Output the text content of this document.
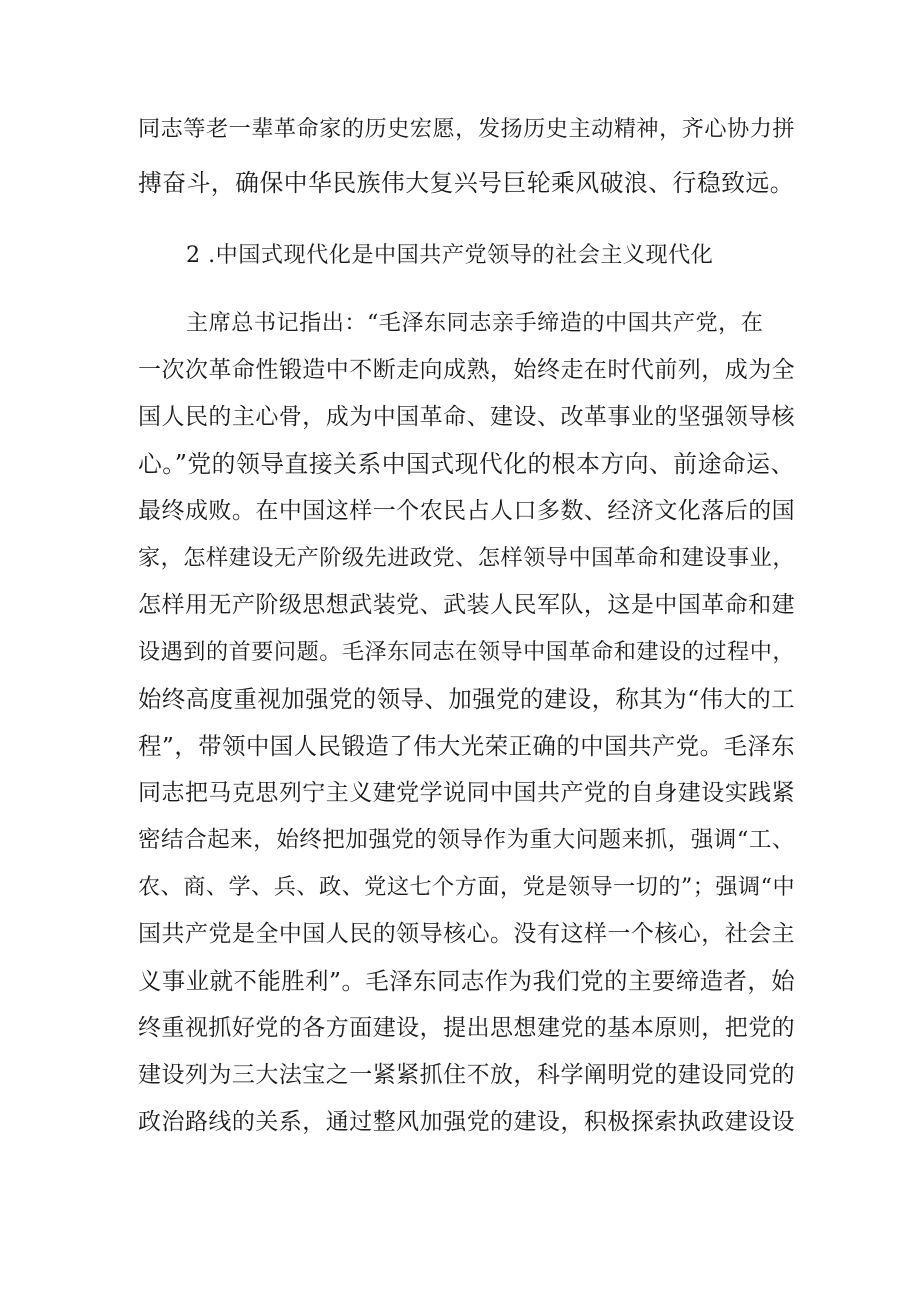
同志等老一辈革命家的历史宏愿，发扬历史主动精神，齐心协力拼

搏奋斗，确保中华民族伟大复兴号巨轮乘风破浪、行稳致远。

2 .中国式现代化是中国共产党领导的社会主义现代化

主席总书记指出：“毛泽东同志亲手缔造的中国共产党，在

一次次革命性锻造中不断走向成熟，始终走在时代前列，成为全

国人民的主心骨，成为中国革命、建设、改革事业的坚强领导核

心。”党的领导直接关系中国式现代化的根本方向、前途命运、

最终成败。在中国这样一个农民占人口多数、经济文化落后的国

家，怎样建设无产阶级先进政党、怎样领导中国革命和建设事业，

怎样用无产阶级思想武装党、武装人民军队，这是中国革命和建

设遇到的首要问题。毛泽东同志在领导中国革命和建设的过程中，

始终高度重视加强党的领导、加强党的建设，称其为“伟大的工

程”，带领中国人民锻造了伟大光荣正确的中国共产党。毛泽东

同志把马克思列宁主义建党学说同中国共产党的自身建设实践紧

密结合起来，始终把加强党的领导作为重大问题来抓，强调“工、

农、商、学、兵、政、党这七个方面，党是领导一切的”；强调“中

国共产党是全中国人民的领导核心。没有这样一个核心，社会主

义事业就不能胜利”。毛泽东同志作为我们党的主要缔造者，始

终重视抓好党的各方面建设，提出思想建党的基本原则，把党的

建设列为三大法宝之一紧紧抓住不放，科学阐明党的建设同党的

政治路线的关系，通过整风加强党的建设，积极探索执政建设设
